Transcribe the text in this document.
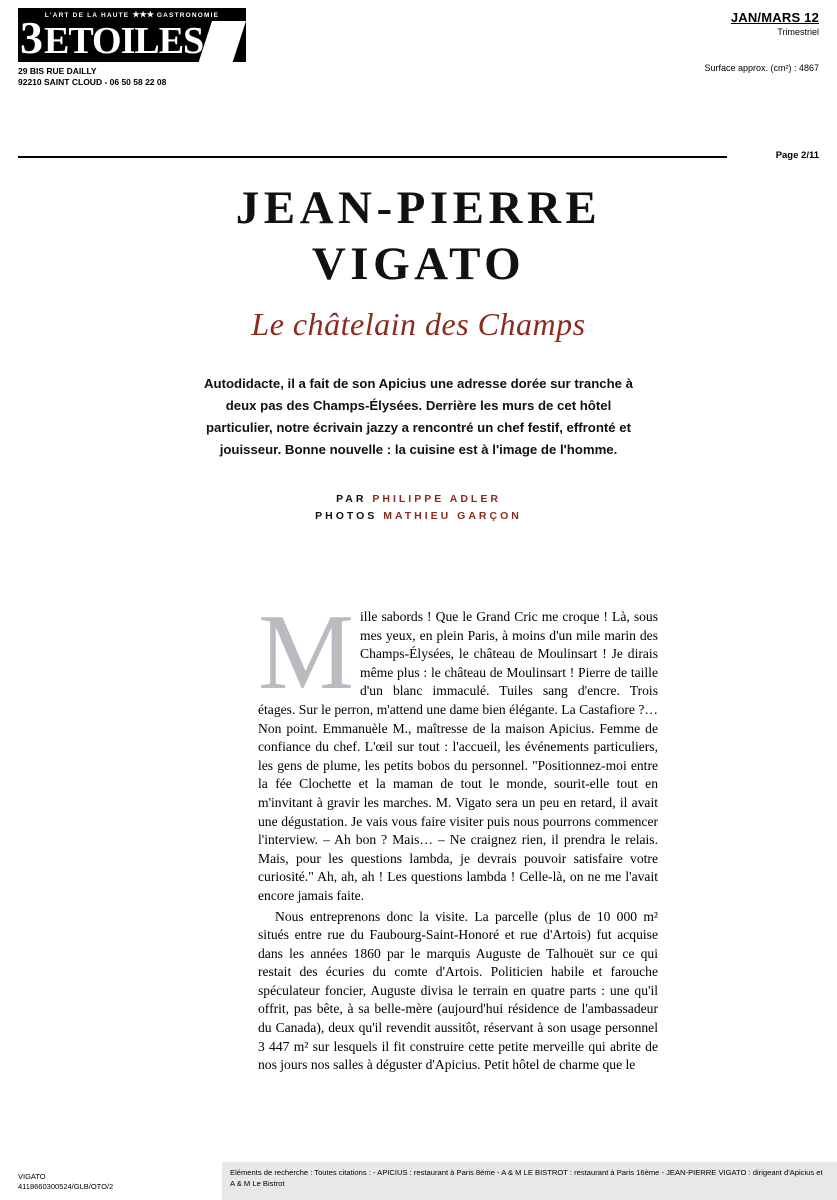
L'ART DE LA HAUTE ★★★ GASTRONOMIE
3 ETOILES
29 BIS RUE DAILLY
92210 SAINT CLOUD - 06 50 58 22 08
JAN/MARS 12
Trimestriel
Surface approx. (cm²) : 4867
Page 2/11
JEAN-PIERRE
VIGATO
Le châtelain des Champs
Autodidacte, il a fait de son Apicius une adresse dorée sur tranche à deux pas des Champs-Élysées. Derrière les murs de cet hôtel particulier, notre écrivain jazzy a rencontré un chef festif, effronté et jouisseur. Bonne nouvelle : la cuisine est à l'image de l'homme.
PAR PHILIPPE ADLER
PHOTOS MATHIEU GARÇON
M ille sabords ! Que le Grand Cric me croque ! Là, sous mes yeux, en plein Paris, à moins d'un mile marin des Champs-Élysées, le château de Moulinsart ! Je dirais même plus : le château de Moulinsart ! Pierre de taille d'un blanc immaculé. Tuiles sang d'encre. Trois étages. Sur le perron, m'attend une dame bien élégante. La Castafiore ?… Non point. Emmanuèle M., maîtresse de la maison Apicius. Femme de confiance du chef. L'œil sur tout : l'accueil, les événements particuliers, les gens de plume, les petits bobos du personnel. "Positionnez-moi entre la fée Clochette et la maman de tout le monde, sourit-elle tout en m'invitant à gravir les marches. M. Vigato sera un peu en retard, il avait une dégustation. Je vais vous faire visiter puis nous pourrons commencer l'interview. – Ah bon ? Mais… – Ne craignez rien, il prendra le relais. Mais, pour les questions lambda, je devrais pouvoir satisfaire votre curiosité." Ah, ah, ah ! Les questions lambda ! Celle-là, on ne me l'avait encore jamais faite.

Nous entreprenons donc la visite. La parcelle (plus de 10 000 m² situés entre rue du Faubourg-Saint-Honoré et rue d'Artois) fut acquise dans les années 1860 par le marquis Auguste de Talhouët sur ce qui restait des écuries du comte d'Artois. Politicien habile et farouche spéculateur foncier, Auguste divisa le terrain en quatre parts : une qu'il offrit, pas bête, à sa belle-mère (aujourd'hui résidence de l'ambassadeur du Canada), deux qu'il revendit aussitôt, réservant à son usage personnel 3 447 m² sur lesquels il fit construire cette petite merveille qui abrite de nos jours nos salles à déguster d'Apicius. Petit hôtel de charme que le

VIGATO
4118660300524/GLB/OTO/2
Eléments de recherche : Toutes citations : - APICIUS : restaurant à Paris 8ème - A & M LE BISTROT : restaurant à Paris 16ème - JEAN-PIERRE VIGATO : dirigeant d'Apicius et A & M Le Bistrot
